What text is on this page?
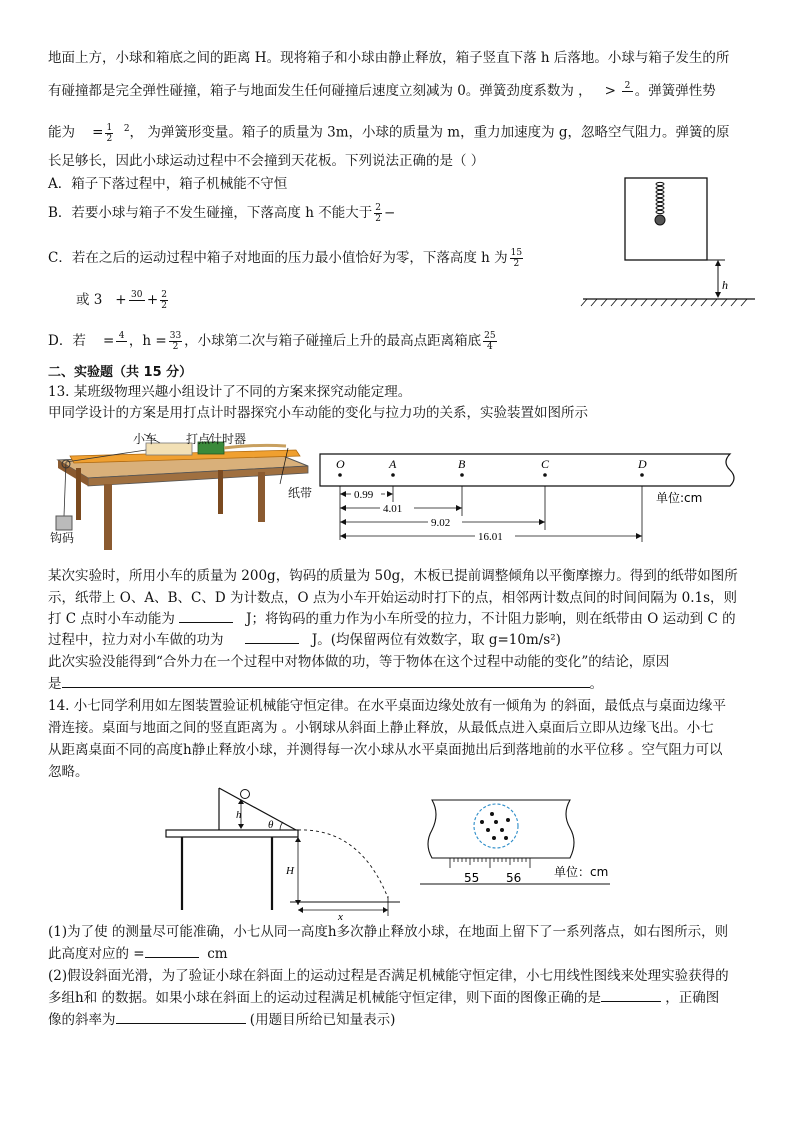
地面上方，小球和箱底之间的距离 H。现将箱子和小球由静止释放，箱子竖直下落 h 后落地。小球与箱子发生的所
有碰撞都是完全弹性碰撞，箱子与地面发生任何碰撞后速度立刻减为 0。弹簧劲度系数为 ，   > 2
。弹簧弹性势
能为 = $\frac{1}{2} ^2$， 为弹簧形变量。箱子的质量为 3m，小球的质量为 m，重力加速度为 g，忽略空气阻力。弹簧的原
长足够长，因此小球运动过程中不会撞到天花板。下列说法正确的是（ ）
A．箱子下落过程中，箱子机械能不守恒
B．若要小球与箱子不发生碰撞，下落高度 h 不能大于 $\frac{2}{2}$ −
C．若在之后的运动过程中箱子对地面的压力最小值恰好为零，下落高度 h 为 $\frac{15}{2}$
或 3 + 30
+ $\frac{2}{2}$
D．若 = 4
，$h = \frac{33}{2}$ ，小球第二次与箱子碰撞后上升的最高点距离箱底 $\frac{25}{4}$
h
二、实验题（共 15 分）
13. 某班级物理兴趣小组设计了不同的方案来探究动能定理。
甲同学设计的方案是用打点计时器探究小车动能的变化与拉力功的关系，实验装置如图所示
小车 打点计时器
纸带
钩码
O	A	B	C	D
0.99
4.01
9.02
16.01
单位:cm
某次实验时，所用小车的质量为 200g，钩码的质量为 50g，木板已提前调整倾角以平衡摩擦力。得到的纸带如图所
示，纸带上 O、A、B、C、D 为计数点，O 点为小车开始运动时打下的点，相邻两计数点间的时间间隔为 0.1s，则
打 C 点时小车动能为	J；将钩码的重力作为小车所受的拉力，不计阻力影响，则在纸带由 O 运动到 C 的
过程中，拉力对小车做的功为	J。(均保留两位有效数字，取 g=10m/s²)
此次实验没能得到“合外力在一个过程中对物体做的功，等于物体在这个过程中动能的变化”的结论，原因
是	。
14. 小七同学利用如左图装置验证机械能守恒定律。在水平桌面边缘处放有一倾角为 的斜面，最低点与桌面边缘平
滑连接。桌面与地面之间的竖直距离为 。小钢球从斜面上静止释放，从最低点进入桌面后立即从边缘飞出。小七
从距离桌面不同的高度h静止释放小球，并测得每一次小球从水平桌面抛出后到落地前的水平位移 。空气阻力可以
忽略。
h
θ
H
x
55 56	单位：cm
(1)为了使 的测量尽可能准确，小七从同一高度h多次静止释放小球，在地面上留下了一系列落点，如右图所示，则
此高度对应的 =	cm
(2)假设斜面光滑，为了验证小球在斜面上的运动过程是否满足机械能守恒定律，小七用线性图线来处理实验获得的
多组h和 的数据。如果小球在斜面上的运动过程满足机械能守恒定律，则下面的图像正确的是	，正确图
像的斜率为	(用题目所给已知量表示)
